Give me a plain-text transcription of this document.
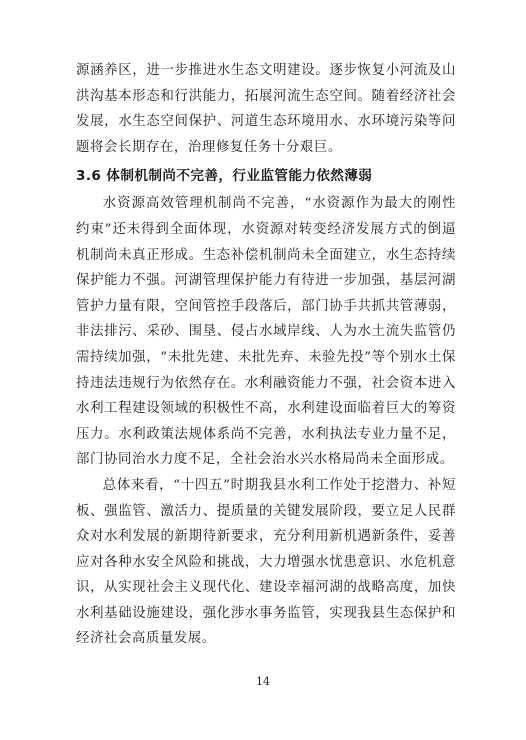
源涵养区，进一步推进水生态文明建设。逐步恢复小河流及山洪沟基本形态和行洪能力，拓展河流生态空间。随着经济社会发展，水生态空间保护、河道生态环境用水、水环境污染等问题将会长期存在，治理修复任务十分艰巨。

3.6 体制机制尚不完善，行业监管能力依然薄弱

水资源高效管理机制尚不完善，“水资源作为最大的刚性约束”还未得到全面体现，水资源对转变经济发展方式的倒逼机制尚未真正形成。生态补偿机制尚未全面建立，水生态持续保护能力不强。河湖管理保护能力有待进一步加强，基层河湖管护力量有限，空间管控手段落后，部门协手共抓共管薄弱，非法排污、采砂、围垦、侵占水域岸线、人为水土流失监管仍需持续加强，“未批先建、未批先弃、未验先投”等个别水土保持违法违规行为依然存在。水利融资能力不强，社会资本进入水利工程建设领域的积极性不高，水利建设面临着巨大的筹资压力。水利政策法规体系尚不完善，水利执法专业力量不足，部门协同治水力度不足，全社会治水兴水格局尚未全面形成。

总体来看，“十四五”时期我县水利工作处于挖潜力、补短板、强监管、激活力、提质量的关键发展阶段，要立足人民群众对水利发展的新期待新要求，充分利用新机遇新条件，妥善应对各种水安全风险和挑战，大力增强水忧患意识、水危机意识，从实现社会主义现代化、建设幸福河湖的战略高度，加快水利基础设施建设，强化涉水事务监管，实现我县生态保护和经济社会高质量发展。

14
